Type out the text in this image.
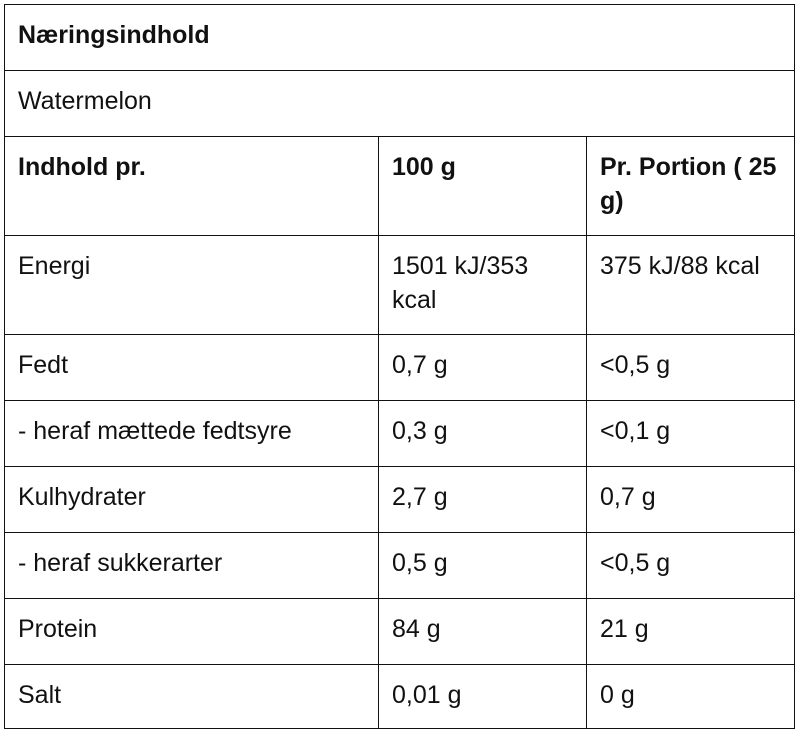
Næringsindhold		
Watermelon		
Indhold pr.	100 g	Pr. Portion ( 25 g)
Energi	1501 kJ/353 kcal	375 kJ/88 kcal
Fedt	0,7 g	<0,5 g
- heraf mættede fedtsyre	0,3 g	<0,1 g
Kulhydrater	2,7 g	0,7 g
- heraf sukkerarter	0,5 g	<0,5 g
Protein	84 g	21 g
Salt	0,01 g	0 g
